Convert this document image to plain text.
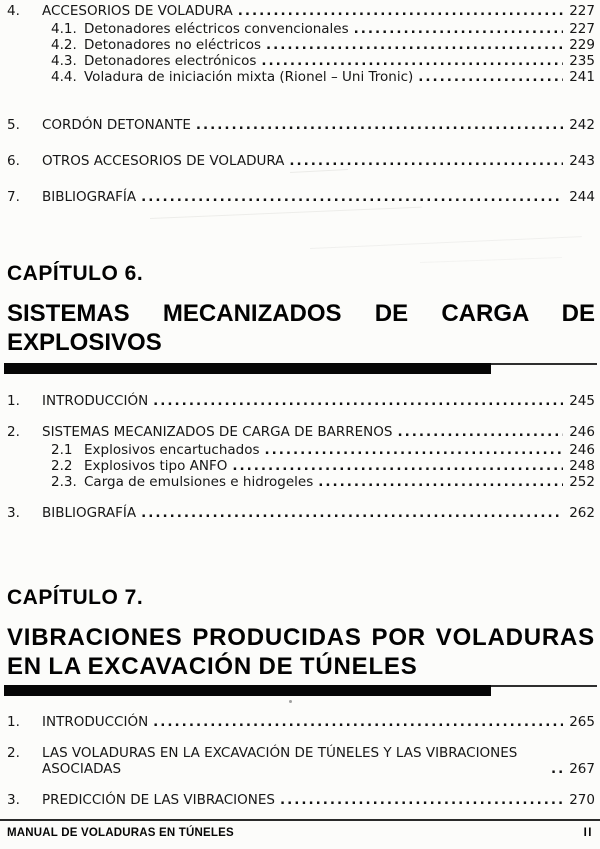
4.	ACCESORIOS DE VOLADURA .....	227
4.1. Detonadores eléctricos convencionales .....	227
4.2. Detonadores no eléctricos .....	229
4.3. Detonadores electrónicos .....	235
4.4. Voladura de iniciación mixta (Rionel – Uni Tronic) .....	241
5.	CORDÓN DETONANTE .....	242
6.	OTROS ACCESORIOS DE VOLADURA .....	243
7.	BIBLIOGRAFÍA .....	244
CAPÍTULO 6.
SISTEMAS MECANIZADOS DE CARGA DE
EXPLOSIVOS
1.	INTRODUCCIÓN .....	245
2.	SISTEMAS MECANIZADOS DE CARGA DE BARRENOS .....	246
2.1 Explosivos encartuchados .....	246
2.2 Explosivos tipo ANFO .....	248
2.3. Carga de emulsiones e hidrogeles .....	252
3.	BIBLIOGRAFÍA .....	262
CAPÍTULO 7.
VIBRACIONES PRODUCIDAS POR VOLADURAS
EN LA EXCAVACIÓN DE TÚNELES
1.	INTRODUCCIÓN .....	265
2.	LAS VOLADURAS EN LA EXCAVACIÓN DE TÚNELES Y LAS VIBRACIONES ASOCIADAS .....	267
3.	PREDICCIÓN DE LAS VIBRACIONES .....	270
MANUAL DE VOLADURAS EN TÚNELES	II
